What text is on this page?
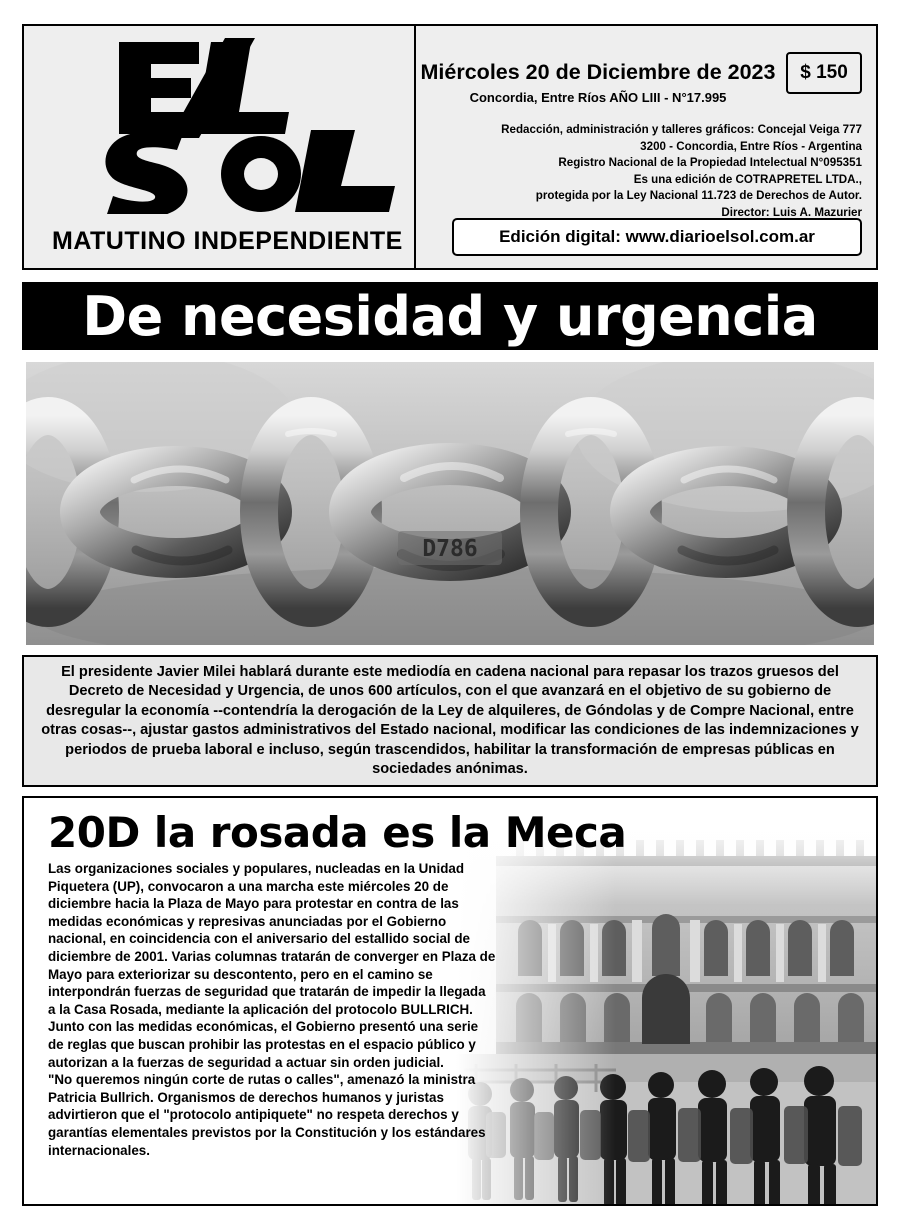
MATUTINO INDEPENDIENTE
Miércoles 20 de Diciembre de 2023
Concordia, Entre Ríos AÑO LIII - N°17.995
$ 150
Redacción, administración y talleres gráficos: Concejal Veiga 777
3200 - Concordia, Entre Ríos - Argentina
Registro Nacional de la Propiedad Intelectual N°095351
Es una edición de COTRAPRETEL LTDA.,
protegida por la Ley Nacional 11.723 de Derechos de Autor.
Director: Luis A. Mazurier
Edición digital: www.diarioelsol.com.ar
De necesidad y urgencia
D786
El presidente Javier Milei hablará durante este mediodía en cadena nacional para repasar los trazos gruesos del Decreto de Necesidad y Urgencia, de unos 600 artículos, con el que avanzará en el objetivo de su gobierno de desregular la economía --contendría la derogación de la Ley de alquileres, de Góndolas y de Compre Nacional, entre otras cosas--, ajustar gastos administrativos del Estado nacional, modificar las condiciones de las indemnizaciones y periodos de prueba laboral e incluso, según trascendidos, habilitar la transformación de empresas públicas en sociedades anónimas.
20D la rosada es la Meca

Las organizaciones sociales y populares, nucleadas en la Unidad Piquetera (UP), convocaron a una marcha este miércoles 20 de diciembre hacia la Plaza de Mayo para protestar en contra de las medidas económicas y represivas anunciadas por el Gobierno nacional, en coincidencia con el aniversario del estallido social de diciembre de 2001. Varias columnas tratarán de converger en Plaza de Mayo para exteriorizar su descontento, pero en el camino se interpondrán fuerzas de seguridad que tratarán de impedir la llegada a la Casa Rosada, mediante la aplicación del protocolo BULLRICH.

Junto con las medidas económicas, el Gobierno presentó una serie de reglas que buscan prohibir las protestas en el espacio público y autorizan a la fuerzas de seguridad a actuar sin orden judicial.

"No queremos ningún corte de rutas o calles", amenazó la ministra Patricia Bullrich. Organismos de derechos humanos y juristas advirtieron que el "protocolo antipiquete" no respeta derechos y garantías elementales previstos por la Constitución y los estándares internacionales.
